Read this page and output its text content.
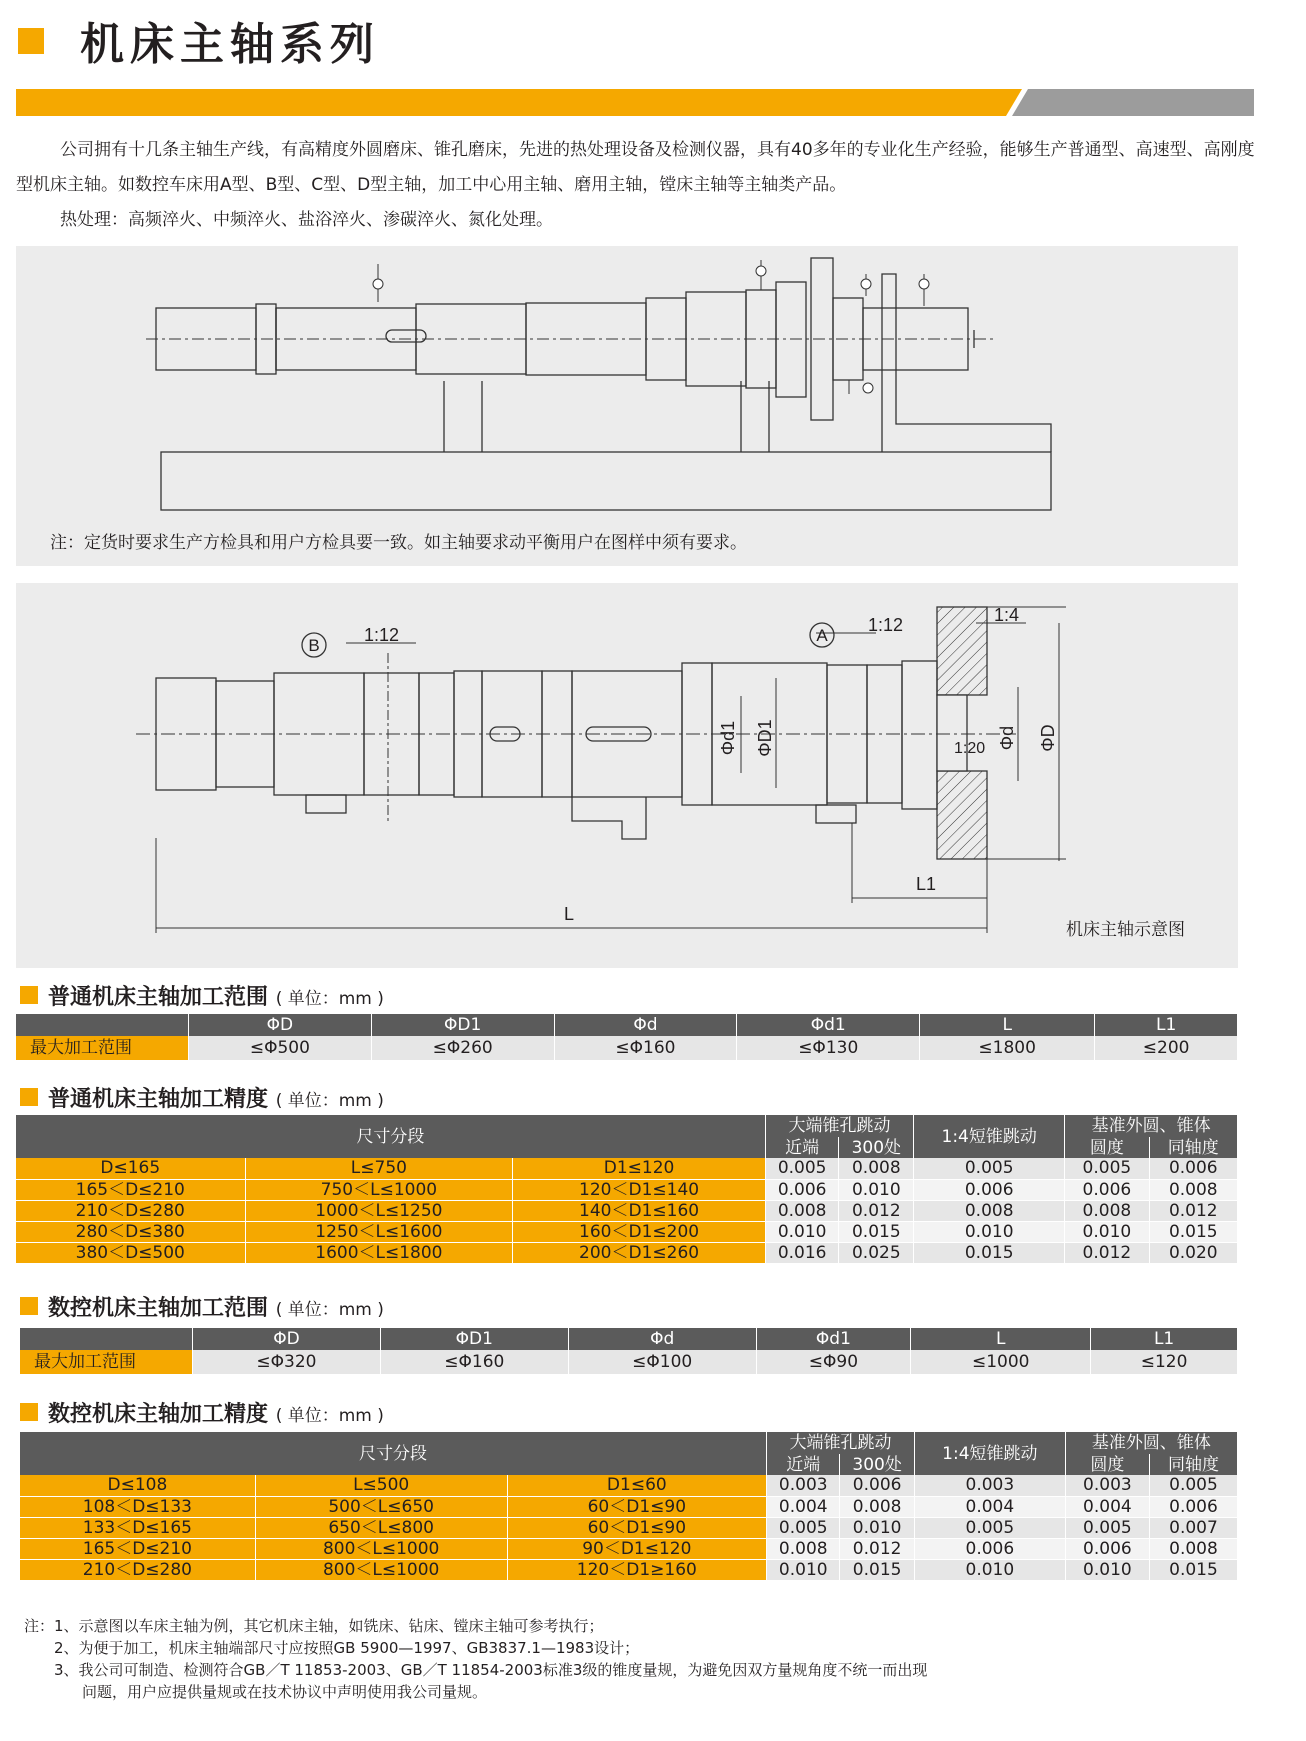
机床主轴系列
公司拥有十几条主轴生产线，有高精度外圆磨床、锥孔磨床，先进的热处理设备及检测仪器，具有40多年的专业化生产经验，能够生产普通型、高速型、高刚度型机床主轴。如数控车床用A型、B型、C型、D型主轴，加工中心用主轴、磨用主轴，镗床主轴等主轴类产品。
热处理：高频淬火、中频淬火、盐浴淬火、渗碳淬火、氮化处理。
注：定货时要求生产方检具和用户方检具要一致。如主轴要求动平衡用户在图样中须有要求。
B
A
1:12	1:12	1:4
1:20
Φd1 ΦD1	Φd ΦD
L1
L
机床主轴示意图
普通机床主轴加工范围 ( 单位：mm )
	ΦD	ΦD1	Φd	Φd1	L	L1
最大加工范围	≤Φ500	≤Φ260	≤Φ160	≤Φ130	≤1800	≤200
普通机床主轴加工精度 ( 单位：mm )
尺寸分段			大端锥孔跳动		1:4短锥跳动	基准外圆、锥体	
			近端	300处		圆度	同轴度
D≤165	L≤750	D1≤120	0.005	0.008	0.005	0.005	0.006
165＜D≤210	750＜L≤1000	120＜D1≤140	0.006	0.010	0.006	0.006	0.008
210＜D≤280	1000＜L≤1250	140＜D1≤160	0.008	0.012	0.008	0.008	0.012
280＜D≤380	1250＜L≤1600	160＜D1≤200	0.010	0.015	0.010	0.010	0.015
380＜D≤500	1600＜L≤1800	200＜D1≤260	0.016	0.025	0.015	0.012	0.020
数控机床主轴加工范围 ( 单位：mm )
	ΦD	ΦD1	Φd	Φd1	L	L1
最大加工范围	≤Φ320	≤Φ160	≤Φ100	≤Φ90	≤1000	≤120
数控机床主轴加工精度 ( 单位：mm )
尺寸分段			大端锥孔跳动		1:4短锥跳动	基准外圆、锥体	
			近端	300处		圆度	同轴度
D≤108	L≤500	D1≤60	0.003	0.006	0.003	0.003	0.005
108＜D≤133	500＜L≤650	60＜D1≤90	0.004	0.008	0.004	0.004	0.006
133＜D≤165	650＜L≤800	60＜D1≤90	0.005	0.010	0.005	0.005	0.007
165＜D≤210	800＜L≤1000	90＜D1≤120	0.008	0.012	0.006	0.006	0.008
210＜D≤280	800＜L≤1000	120＜D1≥160	0.010	0.015	0.010	0.010	0.015
注：1、示意图以车床主轴为例，其它机床主轴，如铣床、钻床、镗床主轴可参考执行；
2、为便于加工，机床主轴端部尺寸应按照GB 5900—1997、GB3837.1—1983设计；
3、我公司可制造、检测符合GB／T 11853-2003、GB／T 11854-2003标准3级的锥度量规，为避免因双方量规角度不统一而出现
问题，用户应提供量规或在技术协议中声明使用我公司量规。
